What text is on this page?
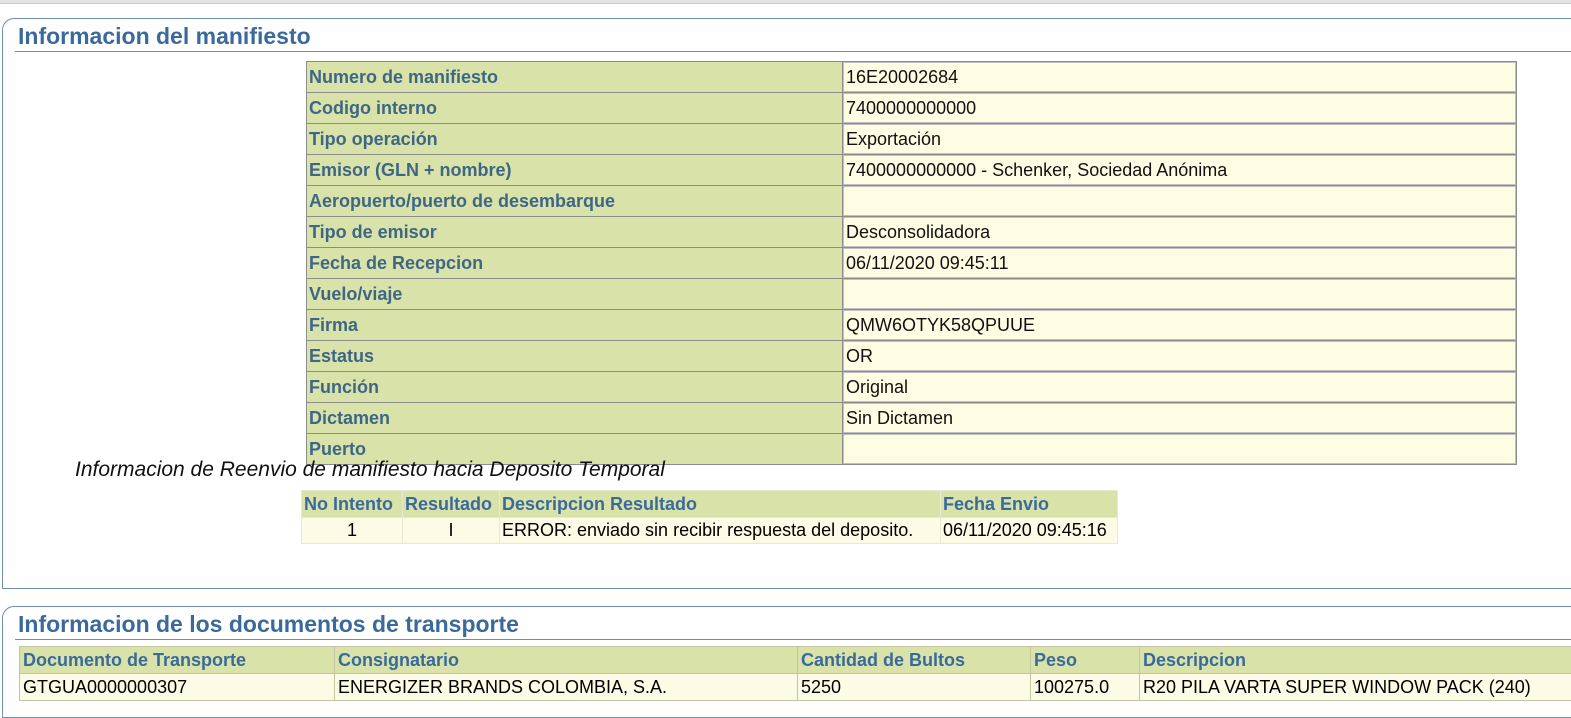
Informacion del manifiesto
Numero de manifiesto	16E20002684
Codigo interno	7400000000000
Tipo operación	Exportación
Emisor (GLN + nombre)	7400000000000 - Schenker, Sociedad Anónima
Aeropuerto/puerto de desembarque	
Tipo de emisor	Desconsolidadora
Fecha de Recepcion	06/11/2020 09:45:11
Vuelo/viaje	
Firma	QMW6OTYK58QPUUE
Estatus	OR
Función	Original
Dictamen	Sin Dictamen
Puerto	
Informacion de Reenvio de manifiesto hacia Deposito Temporal
No Intento	Resultado	Descripcion Resultado	Fecha Envio
1	I	ERROR: enviado sin recibir respuesta del deposito.	06/11/2020 09:45:16
Informacion de los documentos de transporte
Documento de Transporte	Consignatario	Cantidad de Bultos	Peso	Descripcion
GTGUA0000000307	ENERGIZER BRANDS COLOMBIA, S.A.	5250	100275.0	R20 PILA VARTA SUPER WINDOW PACK (240)
